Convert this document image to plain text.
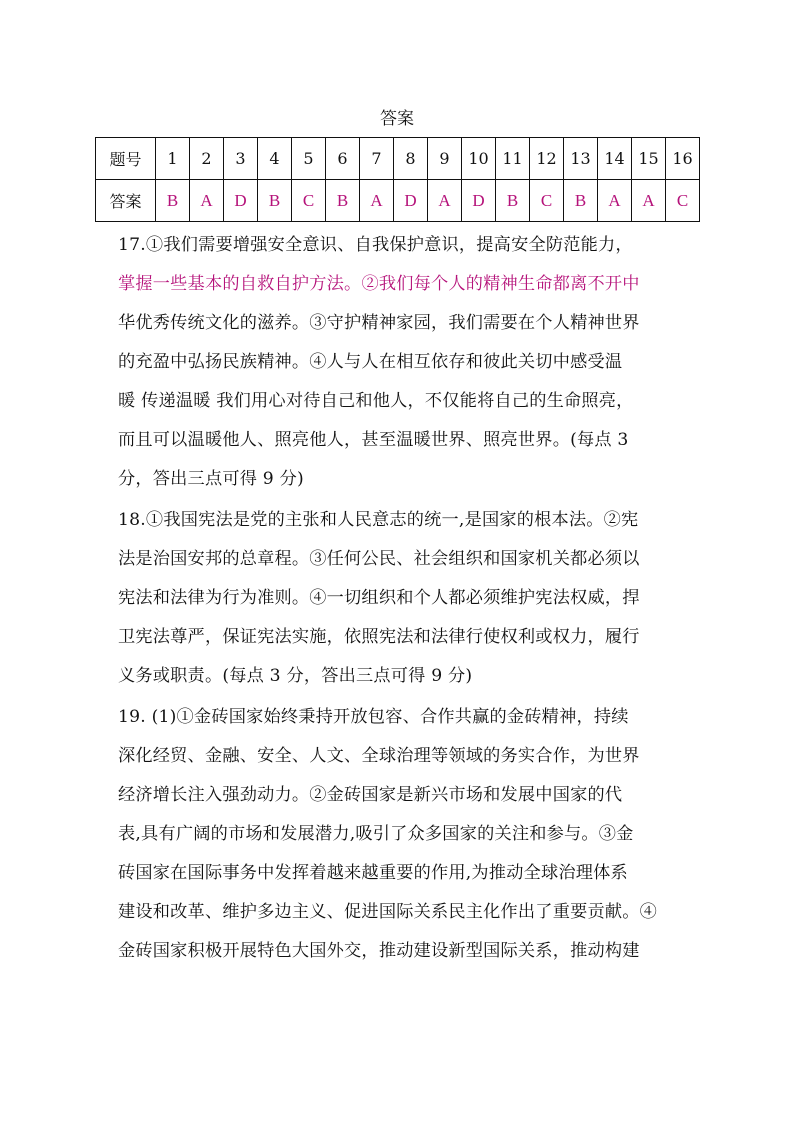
答案
题号	1	2	3	4	5	6	7	8	9	10	11	12	13	14	15	16
答案	B	A	D	B	C	B	A	D	A	D	B	C	B	A	A	C
17.①我们需要增强安全意识、自我保护意识，提高安全防范能力，
掌握一些基本的自救自护方法。②我们每个人的精神生命都离不开中
华优秀传统文化的滋养。③守护精神家园，我们需要在个人精神世界
的充盈中弘扬民族精神。④人与人在相互依存和彼此关切中感受温
暖 传递温暖 我们用心对待自己和他人，不仅能将自己的生命照亮，
而且可以温暖他人、照亮他人，甚至温暖世界、照亮世界。(每点 3
分，答出三点可得 9 分)
18.①我国宪法是党的主张和人民意志的统一,是国家的根本法。②宪
法是治国安邦的总章程。③任何公民、社会组织和国家机关都必须以
宪法和法律为行为准则。④一切组织和个人都必须维护宪法权威，捍
卫宪法尊严，保证宪法实施，依照宪法和法律行使权利或权力，履行
义务或职责。(每点 3 分，答出三点可得 9 分)
19. (1)①金砖国家始终秉持开放包容、合作共赢的金砖精神，持续
深化经贸、金融、安全、人文、全球治理等领域的务实合作，为世界
经济增长注入强劲动力。②金砖国家是新兴市场和发展中国家的代
表,具有广阔的市场和发展潜力,吸引了众多国家的关注和参与。③金
砖国家在国际事务中发挥着越来越重要的作用,为推动全球治理体系
建设和改革、维护多边主义、促进国际关系民主化作出了重要贡献。④
金砖国家积极开展特色大国外交，推动建设新型国际关系，推动构建
